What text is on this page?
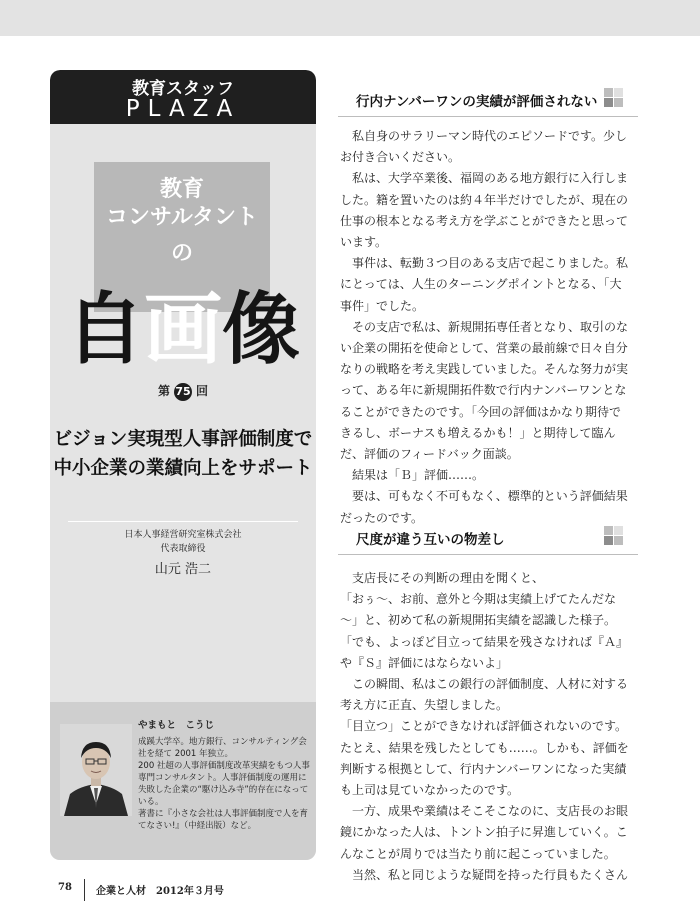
教育スタッフ
PLAZA
教育
コンサルタント
の
自 画 像
第 75 回
ビジョン実現型人事評価制度で
中小企業の業績向上をサポート
日本人事経営研究室株式会社
代表取締役
山元 浩二
やまもと　こうじ

成蹊大学卒。地方銀行、コンサルティング会社を経て 2001 年独立。

200 社超の人事評価制度改革実績をもつ人事専門コンサルタント。人事評価制度の運用に失敗した企業の“駆け込み寺”的存在になっている。

著書に『小さな会社は人事評価制度で人を育てなさい!』（中経出版）など。

行内ナンバーワンの実績が評価されない

私自身のサラリーマン時代のエピソードです。少しお付き合いください。

私は、大学卒業後、福岡のある地方銀行に入行しました。籍を置いたのは約４年半だけでしたが、現在の仕事の根本となる考え方を学ぶことができたと思っています。

事件は、転勤３つ目のある支店で起こりました。私にとっては、人生のターニングポイントとなる、「大事件」でした。

その支店で私は、新規開拓専任者となり、取引のない企業の開拓を使命として、営業の最前線で日々自分なりの戦略を考え実践していました。そんな努力が実って、ある年に新規開拓件数で行内ナンバーワンとなることができたのです。「今回の評価はかなり期待できるし、ボーナスも増えるかも！」と期待して臨んだ、評価のフィードバック面談。

結果は「Ｂ」評価……。

要は、可もなく不可もなく、標準的という評価結果だったのです。

尺度が違う互いの物差し

支店長にその判断の理由を聞くと、

「おぅ～、お前、意外と今期は実績上げてたんだな～」と、初めて私の新規開拓実績を認識した様子。

「でも、よっぽど目立って結果を残さなければ『Ａ』や『Ｓ』評価にはならないよ」

この瞬間、私はこの銀行の評価制度、人材に対する考え方に正直、失望しました。

「目立つ」ことができなければ評価されないのです。たとえ、結果を残したとしても……。しかも、評価を判断する根拠として、行内ナンバーワンになった実績も上司は見ていなかったのです。

一方、成果や業績はそこそこなのに、支店長のお眼鏡にかなった人は、トントン拍子に昇進していく。こんなことが周りでは当たり前に起こっていました。

当然、私と同じような疑問を持った行員もたくさん

78 企業と人材　2012年３月号
